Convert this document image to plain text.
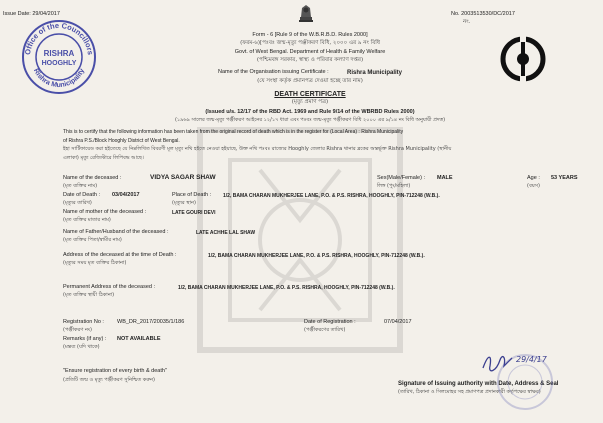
Issue Date: 29/04/2017	No. 2003513530/DC/2017
নং.
Office of the Councillors
Rishra Municipality
RISHRA
HOOGHLY
Form - 6 [Rule 9 of the W.B.R.B.D. Rules 2000]
(ফরম-৬)[পঃবঃ জন্ম-মৃত্যু পঞ্জীকরণ বিধি, ২০০০ এর ৯ নং বিধি
Govt. of West Bengal. Department of Health & Family Welfare
(পশ্চিমবঙ্গ সরকার, স্বাস্থ্য ও পরিবার কল্যাণ দপ্তর)
Name of the Organisation issuing Certificate :	Rishra Municipality
(যে সংস্থা কর্তৃক প্রমানপত্র দেওয়া হচ্ছে তার নাম)
DEATH CERTIFICATE
(মৃত্যু প্রমাণ পত্র)
(Issued u/s. 12/17 of the RBD Act. 1969 and Rule 9/14 of the WBRBD Rules 2000)
(১৯৬৯ সালের জন্ম-মৃত্যু পঞ্জীকরণ আইনের ১২/১৭ ধারা এবং পঃবঃ জন্ম-মৃত্যু পঞ্জীকরণ বিধি ২০০০ এর ৯/১৪ নং বিধি অনুযায়ী প্রদত্ত)
This is to certify that the following information has been taken from the original record of death which is in the register for (Local Area) : Rishra Municipality
of Rishra P.S./Block Hooghly District of West Bengal.
ইহা সার্টিফায়েড করা হইতেছে যে নিম্নলিখিত বিবরণী মূল মৃত্যু নথি হইতে নেওয়া হইয়াছে, উক্ত নথি পঃবঃ রাজ্যের Hooghly জেলার Rishra থানার ব্লকের অন্তর্ভূক্ত Rishra Municipality (স্থানীয়
এলাকা) মৃত্যু রেজিস্টারে লিপিবদ্ধ আছে।
Name of the deceased :
(মৃত ব্যক্তির নাম)
VIDYA SAGAR SHAW	Sex(Male/Female) :
লিঙ্গ (পুং/মহিলা)
MALE	Age :
(বয়স)
53 YEARS
Date of Death :
(মৃত্যুর তারিখ)
03/04/2017	Place of Death :
(মৃত্যুর স্থান)
1/2, BAMA CHARAN MUKHERJEE LANE, P.O. & P.S. RISHRA, HOOGHLY, PIN-712248 (W.B.).
Name of mother of the deceased :
(মৃত ব্যক্তির মাতার নাম)
LATE GOURI DEVI
Name of Father/Husband of the deceased :
(মৃত ব্যক্তির পিতা/স্বামীর নাম)
LATE ACHHE LAL SHAW
Address of the deceased at the time of Death :
(মৃত্যুর সময় মৃত ব্যক্তির ঠিকানা)
1/2, BAMA CHARAN MUKHERJEE LANE, P.O. & P.S. RISHRA, HOOGHLY, PIN-712248 (W.B.).
Permanent Address of the deceased :
(মৃত ব্যক্তির স্থায়ী ঠিকানা)
1/2, BAMA CHARAN MUKHERJEE LANE, P.O. & P.S. RISHRA, HOOGHLY, PIN-712248 (W.B.).
Registration No :
(পঞ্জীকরণ নং)
WB_DR_2017/20035/1/186	Date of Registration :
(পঞ্জীকরণের তারিখ)
07/04/2017
Remarks (if any) :
(মন্তব্য (যদি থাকে)
NOT AVAILABLE
"Ensure registration of every birth & death"
(প্রতিটি জন্ম ও মৃত্যু পঞ্জীকরণ সুনিশ্চিত করুন)
29/4/17
Signature of Issuing authority with Date, Address & Seal
(তারিখ, ঠিকানা ও সিলমোহর সহ প্রমাণপত্র প্রদানকারী কর্তৃপক্ষের স্বাক্ষর)
